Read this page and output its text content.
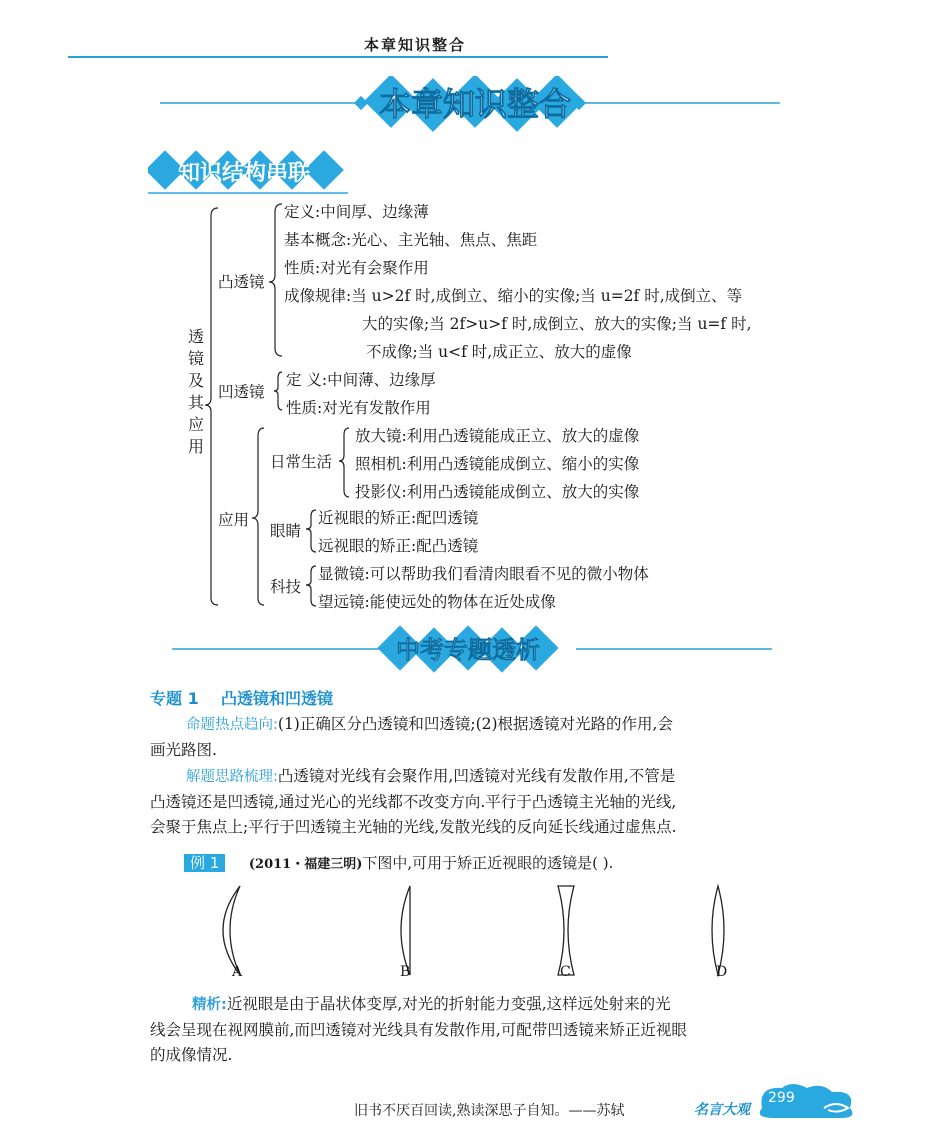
本章知识整合
本章知识整合
知识结构串联
透
镜
及
其
应
用
凸透镜
定义:中间厚、边缘薄
基本概念:光心、主光轴、焦点、焦距
性质:对光有会聚作用
成像规律:当 u>2f 时,成倒立、缩小的实像;当 u=2f 时,成倒立、等
大的实像;当 2f>u>f 时,成倒立、放大的实像;当 u=f 时,
不成像;当 u<f 时,成正立、放大的虚像
凹透镜
定 义:中间薄、边缘厚
性质:对光有发散作用
应用
日常生活
放大镜:利用凸透镜能成正立、放大的虚像
照相机:利用凸透镜能成倒立、缩小的实像
投影仪:利用凸透镜能成倒立、放大的实像
眼睛
近视眼的矫正:配凹透镜
远视眼的矫正:配凸透镜
科技
显微镜:可以帮助我们看清肉眼看不见的微小物体
望远镜:能使远处的物体在近处成像
中考专题透析
专题 1    凸透镜和凹透镜
命题热点趋向:(1)正确区分凸透镜和凹透镜;(2)根据透镜对光路的作用,会
画光路图.
解题思路梳理:凸透镜对光线有会聚作用,凹透镜对光线有发散作用,不管是
凸透镜还是凹透镜,通过光心的光线都不改变方向.平行于凸透镜主光轴的光线,
会聚于焦点上;平行于凹透镜主光轴的光线,发散光线的反向延长线通过虚焦点.
例 1 (2011・福建三明)下图中,可用于矫正近视眼的透镜是( ).
A	B	C	D
精析:近视眼是由于晶状体变厚,对光的折射能力变强,这样远处射来的光
线会呈现在视网膜前,而凹透镜对光线具有发散作用,可配带凹透镜来矫正近视眼
的成像情况.
旧书不厌百回读,熟读深思子自知。——苏轼	名言大观
299
